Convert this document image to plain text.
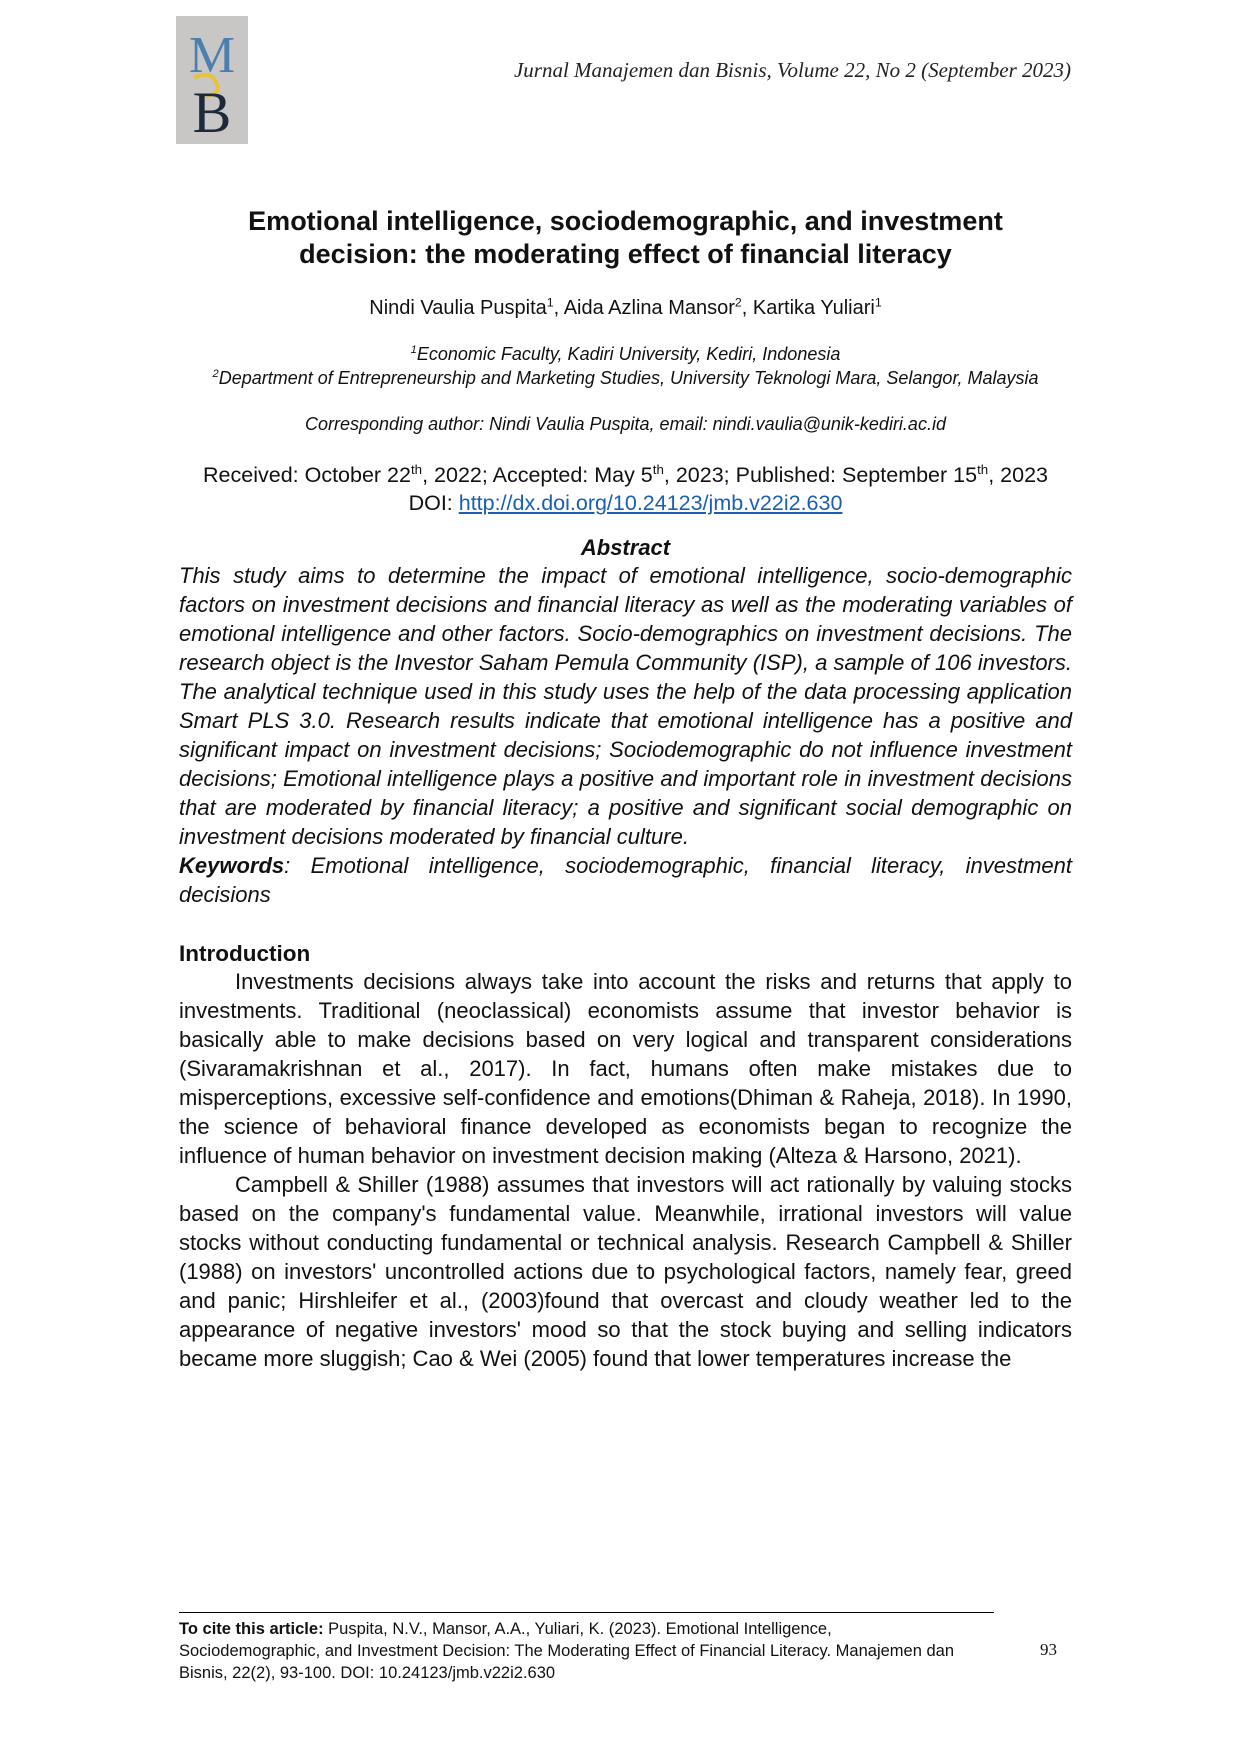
M
B
Jurnal Manajemen dan Bisnis, Volume 22, No 2 (September 2023)
Emotional intelligence, sociodemographic, and investment
decision: the moderating effect of financial literacy
Nindi Vaulia Puspita$^1$, Aida Azlina Mansor$^2$, Kartika Yuliari$^1$
$^1$Economic Faculty, Kadiri University, Kediri, Indonesia
$^2$Department of Entrepreneurship and Marketing Studies, University Teknologi Mara, Selangor, Malaysia
Corresponding author: Nindi Vaulia Puspita, email: nindi.vaulia@unik-kediri.ac.id
Received: October 22th, 2022; Accepted: May 5th, 2023; Published: September 15th, 2023
DOI: http://dx.doi.org/10.24123/jmb.v22i2.630
Abstract

This study aims to determine the impact of emotional intelligence, socio-demographic factors on investment decisions and financial literacy as well as the moderating variables of emotional intelligence and other factors. Socio-demographics on investment decisions. The research object is the Investor Saham Pemula Community (ISP), a sample of 106 investors. The analytical technique used in this study uses the help of the data processing application Smart PLS 3.0. Research results indicate that emotional intelligence has a positive and significant impact on investment decisions; Sociodemographic do not influence investment decisions; Emotional intelligence plays a positive and important role in investment decisions that are moderated by financial literacy; a positive and significant social demographic on investment decisions moderated by financial culture.

Keywords: Emotional intelligence, sociodemographic, financial literacy, investment decisions

Introduction

Investments decisions always take into account the risks and returns that apply to investments. Traditional (neoclassical) economists assume that investor behavior is basically able to make decisions based on very logical and transparent considerations (Sivaramakrishnan et al., 2017). In fact, humans often make mistakes due to misperceptions, excessive self-confidence and emotions(Dhiman & Raheja, 2018). In 1990, the science of behavioral finance developed as economists began to recognize the influence of human behavior on investment decision making (Alteza & Harsono, 2021).

Campbell & Shiller (1988) assumes that investors will act rationally by valuing stocks based on the company's fundamental value. Meanwhile, irrational investors will value stocks without conducting fundamental or technical analysis. Research Campbell & Shiller (1988) on investors' uncontrolled actions due to psychological factors, namely fear, greed and panic; Hirshleifer et al., (2003)found that overcast and cloudy weather led to the appearance of negative investors' mood so that the stock buying and selling indicators became more sluggish; Cao & Wei (2005) found that lower temperatures increase the

To cite this article: Puspita, N.V., Mansor, A.A., Yuliari, K. (2023). Emotional Intelligence, Sociodemographic, and Investment Decision: The Moderating Effect of Financial Literacy. Manajemen dan Bisnis, 22(2), 93-100. DOI: 10.24123/jmb.v22i2.630
93
